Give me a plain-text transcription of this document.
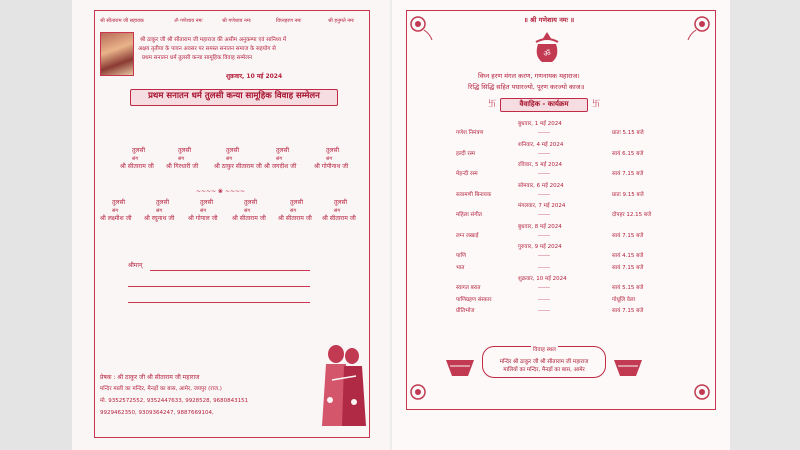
श्री सीताराम जी सहायक	ॐ गणेशाय नमः	श्री गणेशाय नमः	विघ्नहरण नमः	श्री हनुमते नमः
श्री ठाकुर जी श्री सीताराम जी महाराज की असीम अनुकम्पा एवं सानिध्य में
अक्षय तृतीया के पावन अवसर पर समस्त सनातन समाज के सहयोग से
प्रथम सनातन धर्म तुलसी कन्या सामूहिक विवाह सम्मेलन
शुक्रवार, 10 मई 2024
प्रथम सनातन धर्म तुलसी कन्या सामूहिक विवाह सम्मेलन
तुलसी
संग
श्री सीताराम जी
तुलसी
संग
श्री गिरधारी जी
तुलसी
संग
श्री ठाकुर सीताराम जी
तुलसी
संग
श्री जगदीश जी
तुलसी
संग
श्री गोपीनाथ जी
तुलसी
संग
श्री लक्ष्मीश जी
तुलसी
संग
श्री रघुनाथ जी
तुलसी
संग
श्री गोपाल जी
तुलसी
संग
श्री सीताराम जी
तुलसी
संग
श्री सीताराम जी
तुलसी
संग
श्री सीताराम जी
~~~~ ❀ ~~~~
श्रीमान्
प्रेषक : श्री ठाकुर जी श्री सीताराम जी महाराज
मन्दिर माली का मन्दिर, मैनड़ों का बास, आमेर, जयपुर (राज.)
मो. 9352572552, 9352447633, 9928528, 9680843151
9929462350, 9309364247, 9887669104,
॥ श्री गणेशाय नमः ॥
ॐ
विघ्न हरण मंगल करण, गणनायक महाराज।
रिद्धि सिद्धि सहित पधारज्यो, पूरण करज्यो काज॥
卐	वैवाहिक - कार्यक्रम	卐
बुधवार, 1 मई 2024
गणेश निमंत्रण	------	प्रातः 5.15 बजे
शनिवार, 4 मई 2024
हल्दी रस्म	------	सायं 6.15 बजे
रविवार, 5 मई 2024
मेहन्दी रस्म	------	सायं 7.15 बजे
सोमवार, 6 मई 2024
सवामणी बिनायक	------	प्रातः 9.15 बजे
मंगलवार, 7 मई 2024
महिला संगीत	------	दोपहर 12.15 बजे
बुधवार, 8 मई 2024
लग्न लखाई	------	सायं 7.15 बजे
गुरुवार, 9 मई 2024
पाणि	------	सायं 4.15 बजे
भात	------	सायं 7.15 बजे
शुक्रवार, 10 मई 2024
स्वागत बरात	------	सायं 5.15 बजे
पाणिग्रहण संस्कार	------	गोधूलि वेला
प्रीतिभोज	------	सायं 7.15 बजे
मन्दिर श्री ठाकुर जी श्री सीताराम जी महाराज
मालियों का मन्दिर, मैनड़ों का बास, आमेर
विवाह स्थल
